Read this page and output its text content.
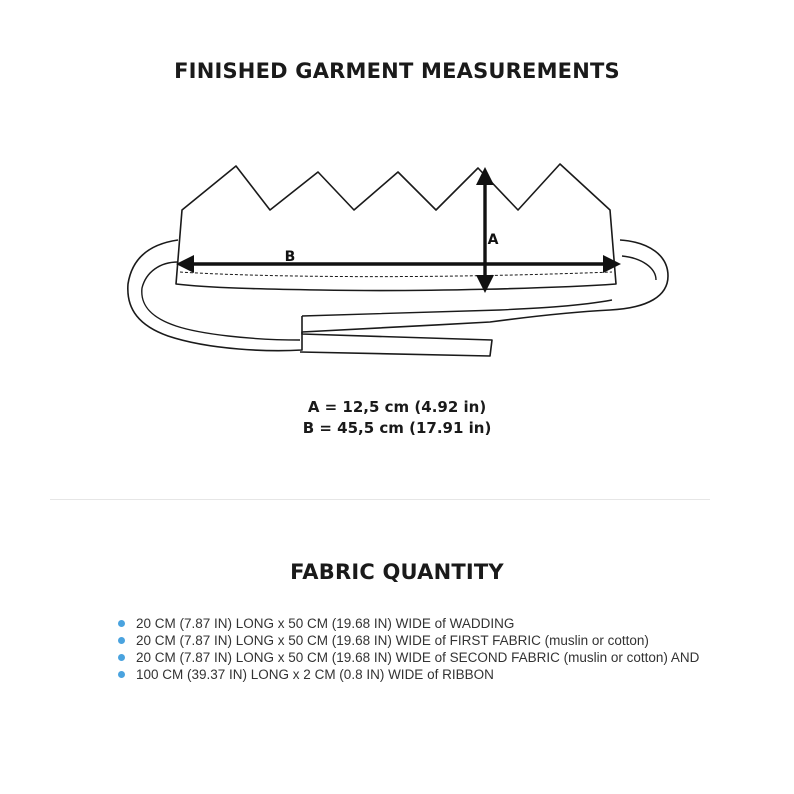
FINISHED GARMENT MEASUREMENTS
B
A
A = 12,5 cm (4.92 in)
B = 45,5 cm (17.91 in)
FABRIC QUANTITY
20 CM (7.87 IN) LONG x 50 CM (19.68 IN) WIDE of WADDING
20 CM (7.87 IN) LONG x 50 CM (19.68 IN) WIDE of FIRST FABRIC (muslin or cotton)
20 CM (7.87 IN) LONG x 50 CM (19.68 IN) WIDE of SECOND FABRIC (muslin or cotton) AND
100 CM (39.37 IN) LONG x 2 CM (0.8 IN) WIDE of RIBBON
